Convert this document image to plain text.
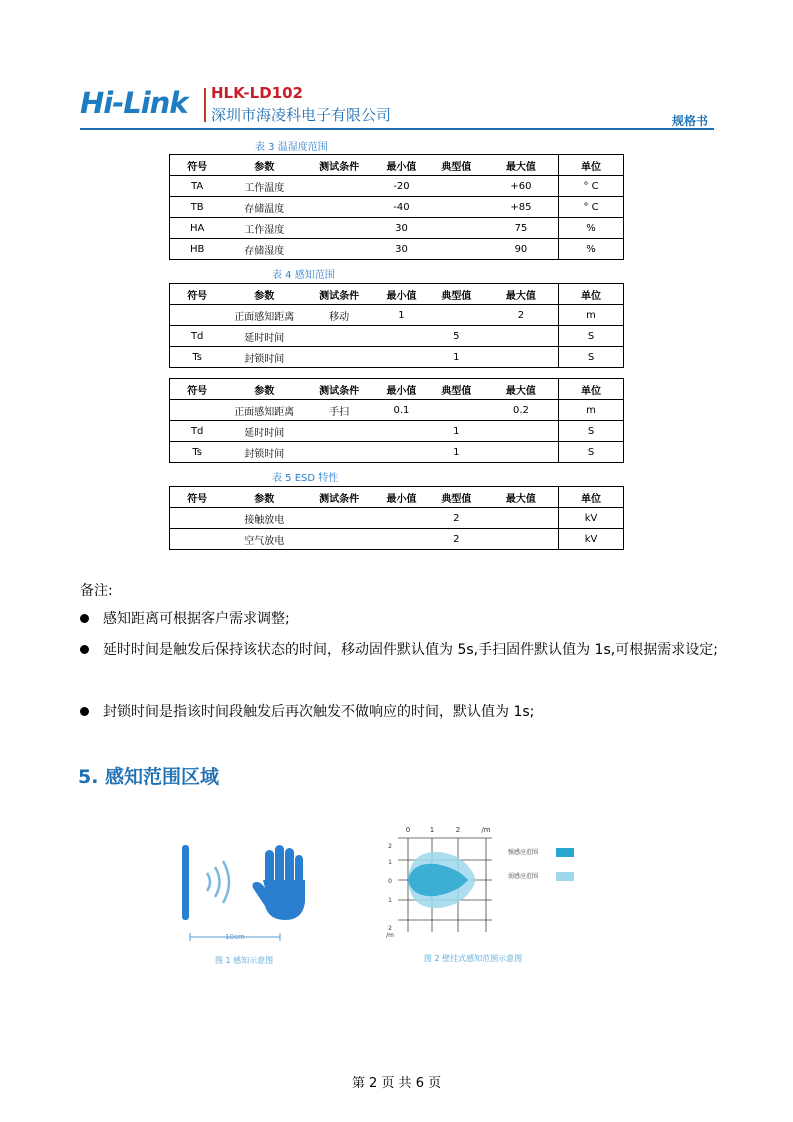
Hi-Link HLK-LD102
深圳市海凌科电子有限公司	规格书
表 3 温湿度范围
符号	参数	测试条件	最小值	典型值	最大值	单位
TA	工作温度		-20		+60	° C
TB	存储温度		-40		+85	° C
HA	工作湿度		30		75	%
HB	存储湿度		30		90	%
表 4 感知范围
符号	参数	测试条件	最小值	典型值	最大值	单位
	正面感知距离	移动	1		2	m
Td	延时时间			5		S
Ts	封锁时间			1		S
符号	参数	测试条件	最小值	典型值	最大值	单位
	正面感知距离	手扫	0.1		0.2	m
Td	延时时间			1		S
Ts	封锁时间			1		S
表 5 ESD 特性
符号	参数	测试条件	最小值	典型值	最大值	单位
	接触放电			2		kV
	空气放电			2		kV
备注:
感知距离可根据客户需求调整;
延时时间是触发后保持该状态的时间，移动固件默认值为 5s,手扫固件默认值为 1s,可根据需求设定;
封锁时间是指该时间段触发后再次触发不做响应的时间，默认值为 1s;
5. 感知范围区域
10cm
图 1 感知示意图
0	1	2	/m
2
1
0
1
2
/m
强感应范围
弱感应范围
图 2 壁挂式感知范围示意图
第 2 页 共 6 页
